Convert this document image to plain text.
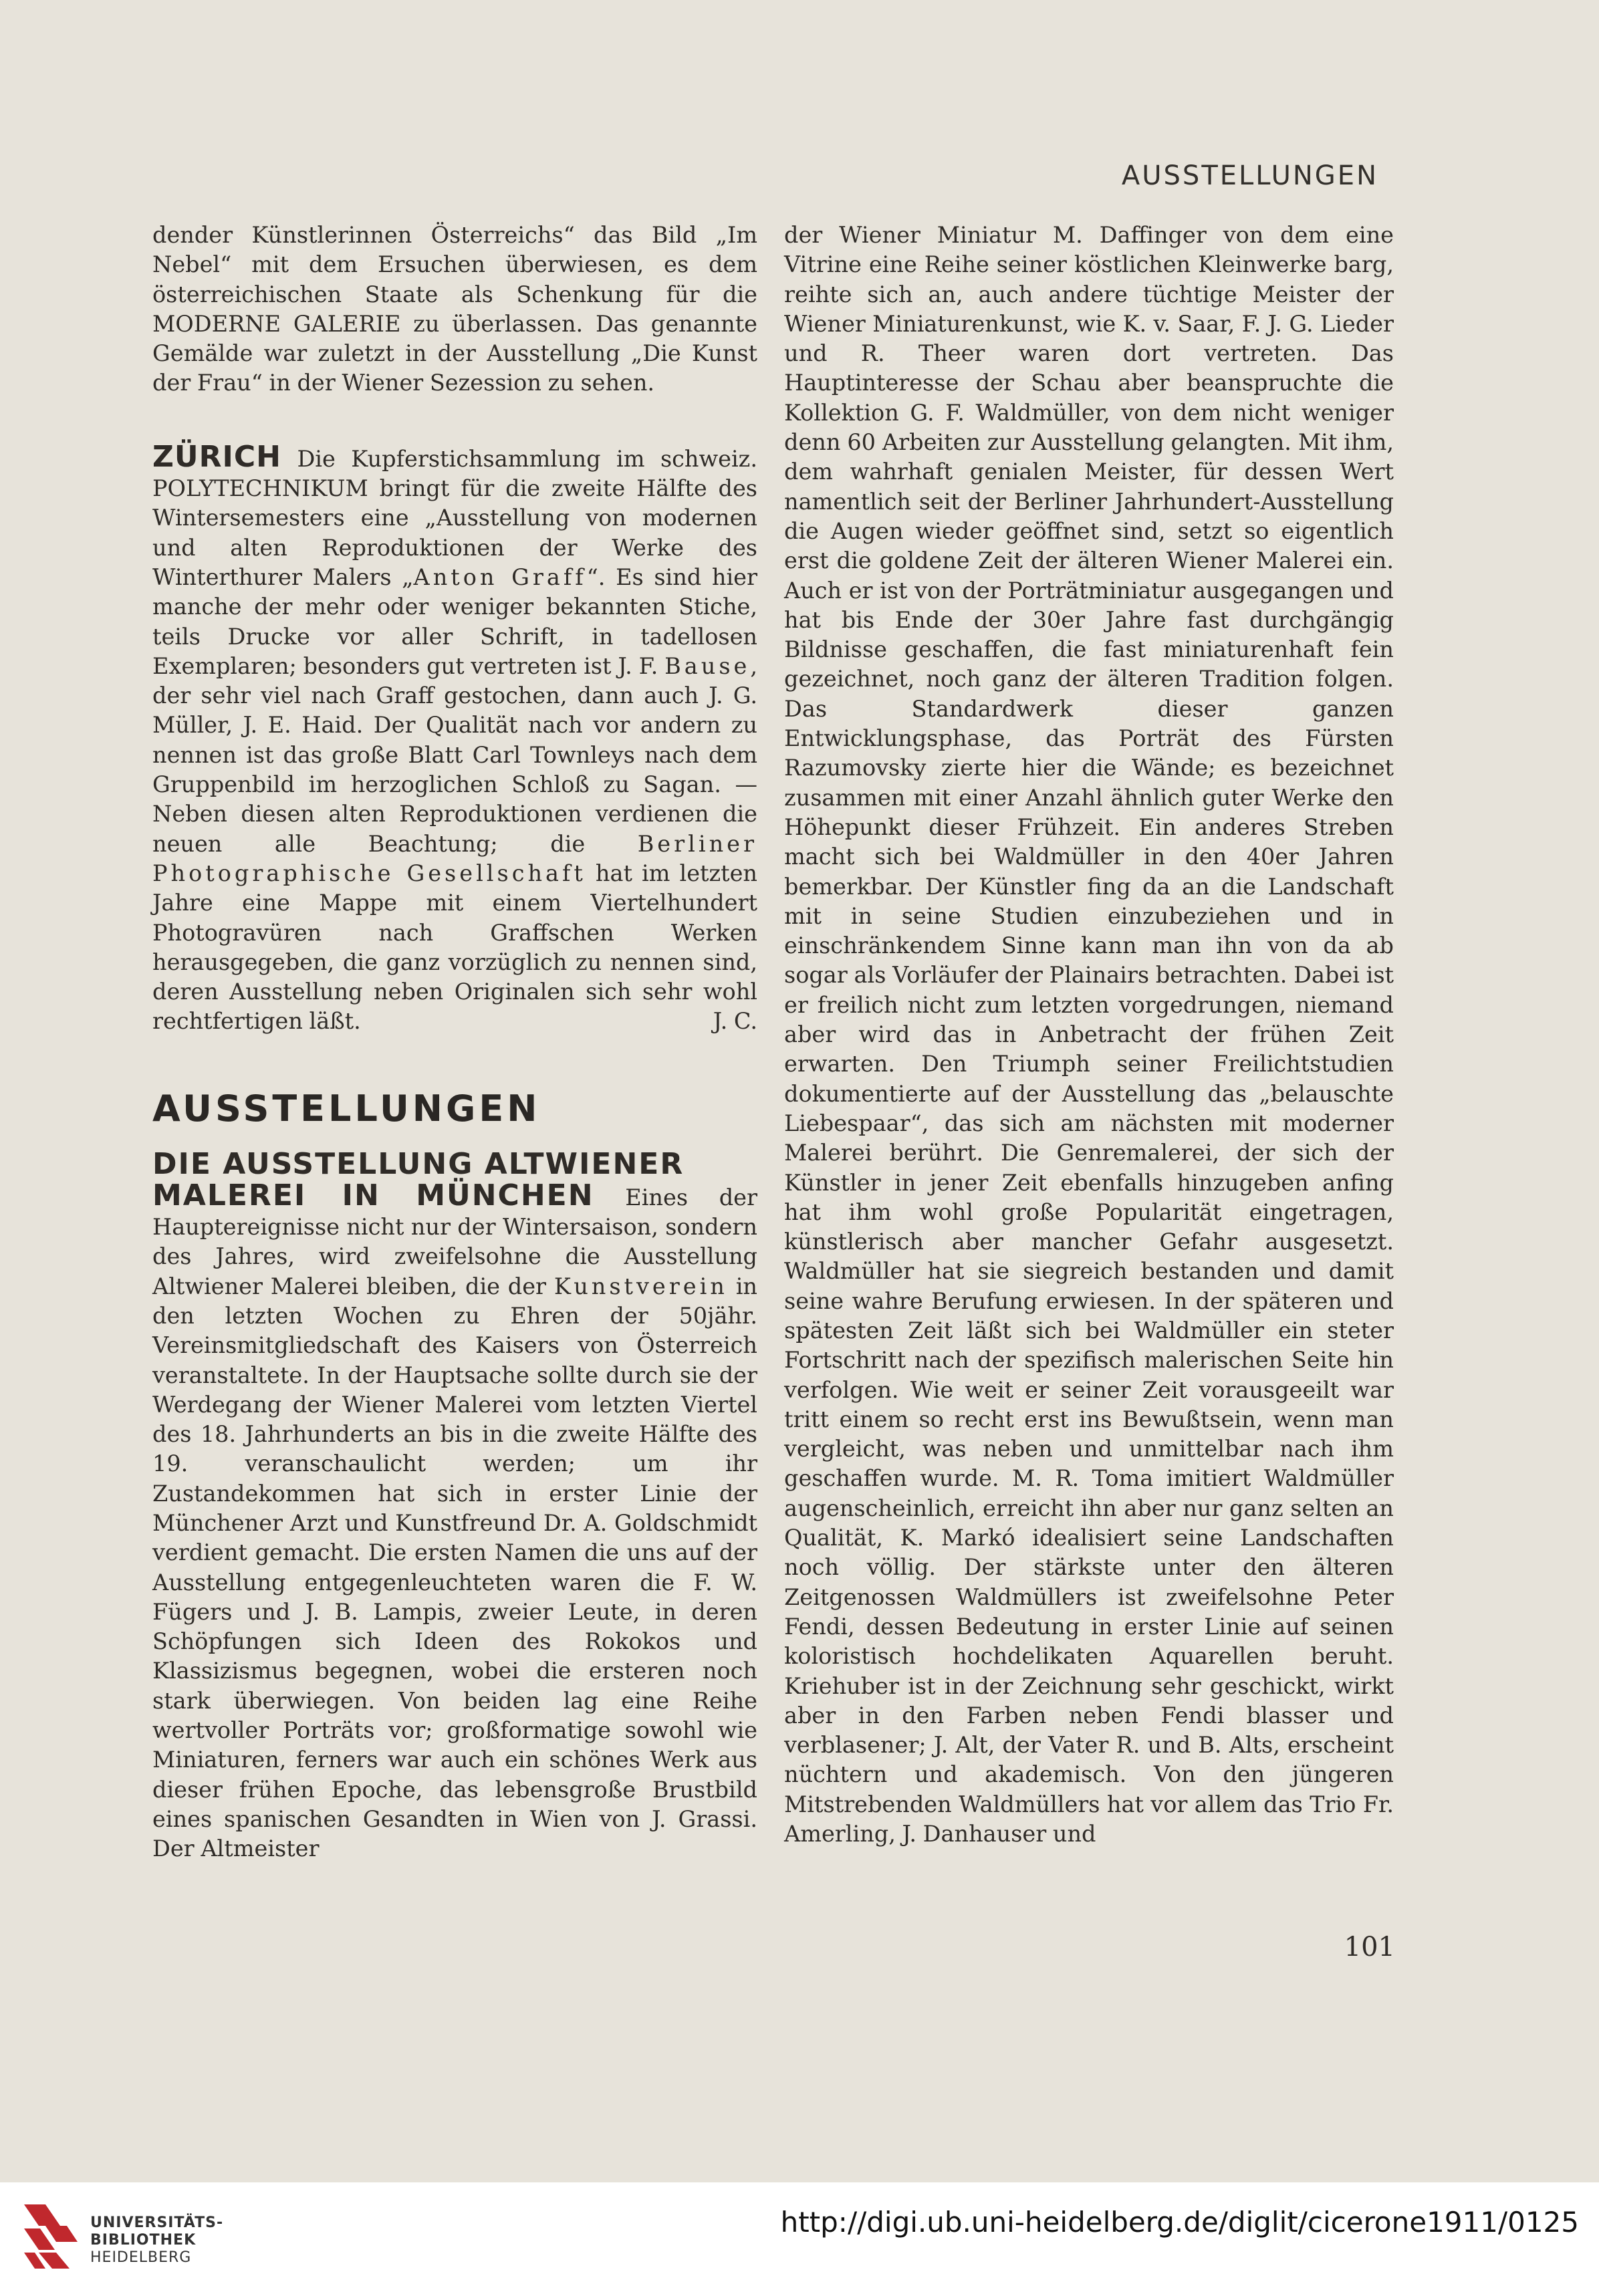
AUSSTELLUNGEN

dender Künstlerinnen Österreichs“ das Bild „Im Nebel“ mit dem Ersuchen überwiesen, es dem österreichischen Staate als Schenkung für die MODERNE GALERIE zu überlassen. Das genannte Gemälde war zuletzt in der Ausstellung „Die Kunst der Frau“ in der Wiener Sezession zu sehen.

ZÜRICH Die Kupferstichsammlung im schweiz. POLYTECHNIKUM bringt für die zweite Hälfte des Wintersemesters eine „Ausstellung von modernen und alten Reproduktionen der Werke des Winterthurer Malers „Anton Graff“. Es sind hier manche der mehr oder weniger bekannten Stiche, teils Drucke vor aller Schrift, in tadellosen Exemplaren; besonders gut vertreten ist J. F. Bause, der sehr viel nach Graff gestochen, dann auch J. G. Müller, J. E. Haid. Der Qualität nach vor andern zu nennen ist das große Blatt Carl Townleys nach dem Gruppenbild im herzoglichen Schloß zu Sagan. — Neben diesen alten Reproduktionen verdienen die neuen alle Beachtung; die Berliner Photographische Gesellschaft hat im letzten Jahre eine Mappe mit einem Viertelhundert Photogravüren nach Graffschen Werken herausgegeben, die ganz vorzüglich zu nennen sind, deren Ausstellung neben Originalen sich sehr wohl rechtfertigen läßt.	J. C.

AUSSTELLUNGEN
DIE AUSSTELLUNG ALTWIENER

MALEREI IN MÜNCHEN Eines der Hauptereignisse nicht nur der Wintersaison, sondern des Jahres, wird zweifelsohne die Ausstellung Altwiener Malerei bleiben, die der Kunstverein in den letzten Wochen zu Ehren der 50jähr. Vereinsmitgliedschaft des Kaisers von Österreich veranstaltete. In der Hauptsache sollte durch sie der Werdegang der Wiener Malerei vom letzten Viertel des 18. Jahrhunderts an bis in die zweite Hälfte des 19. veranschaulicht werden; um ihr Zustandekommen hat sich in erster Linie der Münchener Arzt und Kunstfreund Dr. A. Goldschmidt verdient gemacht. Die ersten Namen die uns auf der Ausstellung entgegenleuchteten waren die F. W. Fügers und J. B. Lampis, zweier Leute, in deren Schöpfungen sich Ideen des Rokokos und Klassizismus begegnen, wobei die ersteren noch stark überwiegen. Von beiden lag eine Reihe wertvoller Porträts vor; großformatige sowohl wie Miniaturen, ferners war auch ein schönes Werk aus dieser frühen Epoche, das lebensgroße Brustbild eines spanischen Gesandten in Wien von J. Grassi. Der Altmeister

der Wiener Miniatur M. Daffinger von dem eine Vitrine eine Reihe seiner köstlichen Kleinwerke barg, reihte sich an, auch andere tüchtige Meister der Wiener Miniaturenkunst, wie K. v. Saar, F. J. G. Lieder und R. Theer waren dort vertreten. Das Hauptinteresse der Schau aber beanspruchte die Kollektion G. F. Waldmüller, von dem nicht weniger denn 60 Arbeiten zur Ausstellung gelangten. Mit ihm, dem wahrhaft genialen Meister, für dessen Wert namentlich seit der Berliner Jahrhundert-Ausstellung die Augen wieder geöffnet sind, setzt so eigentlich erst die goldene Zeit der älteren Wiener Malerei ein. Auch er ist von der Porträtminiatur ausgegangen und hat bis Ende der 30er Jahre fast durchgängig Bildnisse geschaffen, die fast miniaturenhaft fein gezeichnet, noch ganz der älteren Tradition folgen. Das Standardwerk dieser ganzen Entwicklungsphase, das Porträt des Fürsten Razumovsky zierte hier die Wände; es bezeichnet zusammen mit einer Anzahl ähnlich guter Werke den Höhepunkt dieser Frühzeit. Ein anderes Streben macht sich bei Waldmüller in den 40er Jahren bemerkbar. Der Künstler fing da an die Landschaft mit in seine Studien einzubeziehen und in einschränkendem Sinne kann man ihn von da ab sogar als Vorläufer der Plainairs betrachten. Dabei ist er freilich nicht zum letzten vorgedrungen, niemand aber wird das in Anbetracht der frühen Zeit erwarten. Den Triumph seiner Freilichtstudien dokumentierte auf der Ausstellung das „belauschte Liebespaar“, das sich am nächsten mit moderner Malerei berührt. Die Genremalerei, der sich der Künstler in jener Zeit ebenfalls hinzugeben anfing hat ihm wohl große Popularität eingetragen, künstlerisch aber mancher Gefahr ausgesetzt. Waldmüller hat sie siegreich bestanden und damit seine wahre Berufung erwiesen. In der späteren und spätesten Zeit läßt sich bei Waldmüller ein steter Fortschritt nach der spezifisch malerischen Seite hin verfolgen. Wie weit er seiner Zeit vorausgeeilt war tritt einem so recht erst ins Bewußtsein, wenn man vergleicht, was neben und unmittelbar nach ihm geschaffen wurde. M. R. Toma imitiert Waldmüller augenscheinlich, erreicht ihn aber nur ganz selten an Qualität, K. Markó idealisiert seine Landschaften noch völlig. Der stärkste unter den älteren Zeitgenossen Waldmüllers ist zweifelsohne Peter Fendi, dessen Bedeutung in erster Linie auf seinen koloristisch hochdelikaten Aquarellen beruht. Kriehuber ist in der Zeichnung sehr geschickt, wirkt aber in den Farben neben Fendi blasser und verblasener; J. Alt, der Vater R. und B. Alts, erscheint nüchtern und akademisch. Von den jüngeren Mitstrebenden Waldmüllers hat vor allem das Trio Fr. Amerling, J. Danhauser und

101
UNIVERSITÄTS-
BIBLIOTHEK
HEIDELBERG
http://digi.ub.uni-heidelberg.de/diglit/cicerone1911/0125
